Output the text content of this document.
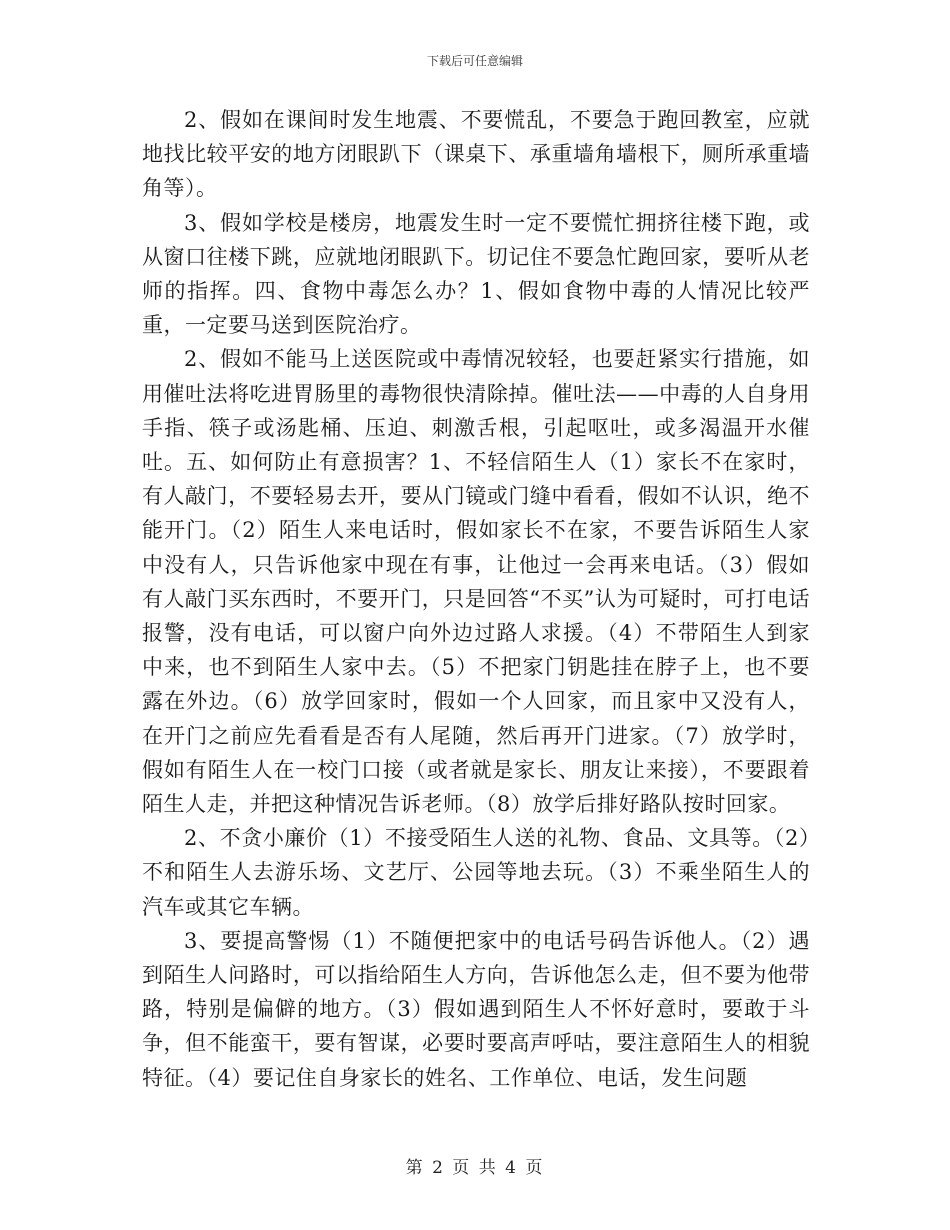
下载后可任意编辑

2、假如在课间时发生地震、不要慌乱，不要急于跑回教室，应就地找比较平安的地方闭眼趴下（课桌下、承重墙角墙根下，厕所承重墙角等）。

3、假如学校是楼房，地震发生时一定不要慌忙拥挤往楼下跑，或从窗口往楼下跳，应就地闭眼趴下。切记住不要急忙跑回家，要听从老师的指挥。四、食物中毒怎么办？1、假如食物中毒的人情况比较严重，一定要马送到医院治疗。

2、假如不能马上送医院或中毒情况较轻，也要赶紧实行措施，如用催吐法将吃进胃肠里的毒物很快清除掉。催吐法——中毒的人自身用手指、筷子或汤匙桶、压迫、刺激舌根，引起呕吐，或多渴温开水催吐。五、如何防止有意损害？1、不轻信陌生人（1）家长不在家时，有人敲门，不要轻易去开，要从门镜或门缝中看看，假如不认识，绝不能开门。（2）陌生人来电话时，假如家长不在家，不要告诉陌生人家中没有人，只告诉他家中现在有事，让他过一会再来电话。（3）假如有人敲门买东西时，不要开门，只是回答“不买”认为可疑时，可打电话报警，没有电话，可以窗户向外边过路人求援。（4）不带陌生人到家中来，也不到陌生人家中去。（5）不把家门钥匙挂在脖子上，也不要露在外边。（6）放学回家时，假如一个人回家，而且家中又没有人，在开门之前应先看看是否有人尾随，然后再开门进家。（7）放学时，假如有陌生人在一校门口接（或者就是家长、朋友让来接），不要跟着陌生人走，并把这种情况告诉老师。（8）放学后排好路队按时回家。

2、不贪小廉价（1）不接受陌生人送的礼物、食品、文具等。（2）不和陌生人去游乐场、文艺厅、公园等地去玩。（3）不乘坐陌生人的汽车或其它车辆。

3、要提高警惕（1）不随便把家中的电话号码告诉他人。（2）遇到陌生人问路时，可以指给陌生人方向，告诉他怎么走，但不要为他带路，特别是偏僻的地方。（3）假如遇到陌生人不怀好意时，要敢于斗争，但不能蛮干，要有智谋，必要时要高声呼咕，要注意陌生人的相貌特征。（4）要记住自身家长的姓名、工作单位、电话，发生问题

第 2 页 共 4 页
